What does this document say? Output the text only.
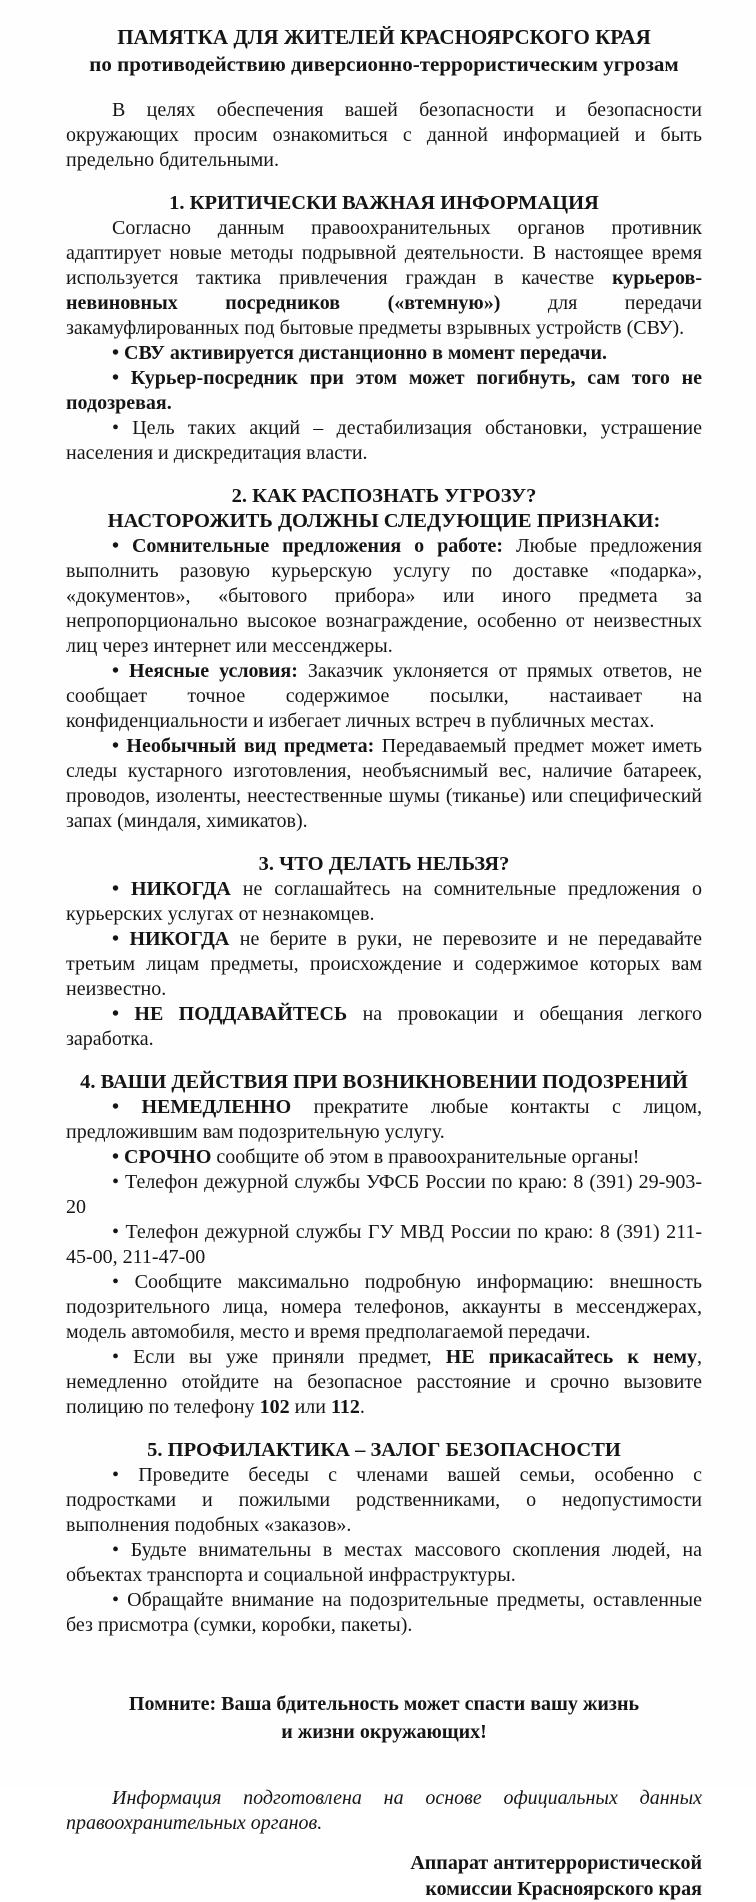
ПАМЯТКА ДЛЯ ЖИТЕЛЕЙ КРАСНОЯРСКОГО КРАЯ
по противодействию диверсионно-террористическим угрозам

В целях обеспечения вашей безопасности и безопасности окружающих просим ознакомиться с данной информацией и быть предельно бдительными.

1. КРИТИЧЕСКИ ВАЖНАЯ ИНФОРМАЦИЯ

Согласно данным правоохранительных органов противник адаптирует новые методы подрывной деятельности. В настоящее время используется тактика привлечения граждан в качестве курьеров-невиновных посредников («втемную») для передачи закамуфлированных под бытовые предметы взрывных устройств (СВУ).

• СВУ активируется дистанционно в момент передачи.

• Курьер-посредник при этом может погибнуть, сам того не подозревая.

• Цель таких акций – дестабилизация обстановки, устрашение населения и дискредитация власти.

2. КАК РАСПОЗНАТЬ УГРОЗУ?
НАСТОРОЖИТЬ ДОЛЖНЫ СЛЕДУЮЩИЕ ПРИЗНАКИ:

• Сомнительные предложения о работе: Любые предложения выполнить разовую курьерскую услугу по доставке «подарка», «документов», «бытового прибора» или иного предмета за непропорционально высокое вознаграждение, особенно от неизвестных лиц через интернет или мессенджеры.

• Неясные условия: Заказчик уклоняется от прямых ответов, не сообщает точное содержимое посылки, настаивает на конфиденциальности и избегает личных встреч в публичных местах.

• Необычный вид предмета: Передаваемый предмет может иметь следы кустарного изготовления, необъяснимый вес, наличие батареек, проводов, изоленты, неестественные шумы (тиканье) или специфический запах (миндаля, химикатов).

3. ЧТО ДЕЛАТЬ НЕЛЬЗЯ?

• НИКОГДА не соглашайтесь на сомнительные предложения о курьерских услугах от незнакомцев.

• НИКОГДА не берите в руки, не перевозите и не передавайте третьим лицам предметы, происхождение и содержимое которых вам неизвестно.

• НЕ ПОДДАВАЙТЕСЬ на провокации и обещания легкого заработка.

4. ВАШИ ДЕЙСТВИЯ ПРИ ВОЗНИКНОВЕНИИ ПОДОЗРЕНИЙ

• НЕМЕДЛЕННО прекратите любые контакты с лицом, предложившим вам подозрительную услугу.

• СРОЧНО сообщите об этом в правоохранительные органы!

• Телефон дежурной службы УФСБ России по краю: 8 (391) 29-903-20

• Телефон дежурной службы ГУ МВД России по краю: 8 (391) 211-45-00, 211-47-00

• Сообщите максимально подробную информацию: внешность подозрительного лица, номера телефонов, аккаунты в мессенджерах, модель автомобиля, место и время предполагаемой передачи.

• Если вы уже приняли предмет, НЕ прикасайтесь к нему, немедленно отойдите на безопасное расстояние и срочно вызовите полицию по телефону 102 или 112.

5. ПРОФИЛАКТИКА – ЗАЛОГ БЕЗОПАСНОСТИ

• Проведите беседы с членами вашей семьи, особенно с подростками и пожилыми родственниками, о недопустимости выполнения подобных «заказов».

• Будьте внимательны в местах массового скопления людей, на объектах транспорта и социальной инфраструктуры.

• Обращайте внимание на подозрительные предметы, оставленные без присмотра (сумки, коробки, пакеты).

Помните: Ваша бдительность может спасти вашу жизнь
и жизни окружающих!

Информация подготовлена на основе официальных данных правоохранительных органов.

Аппарат антитеррористической
комиссии Красноярского края
